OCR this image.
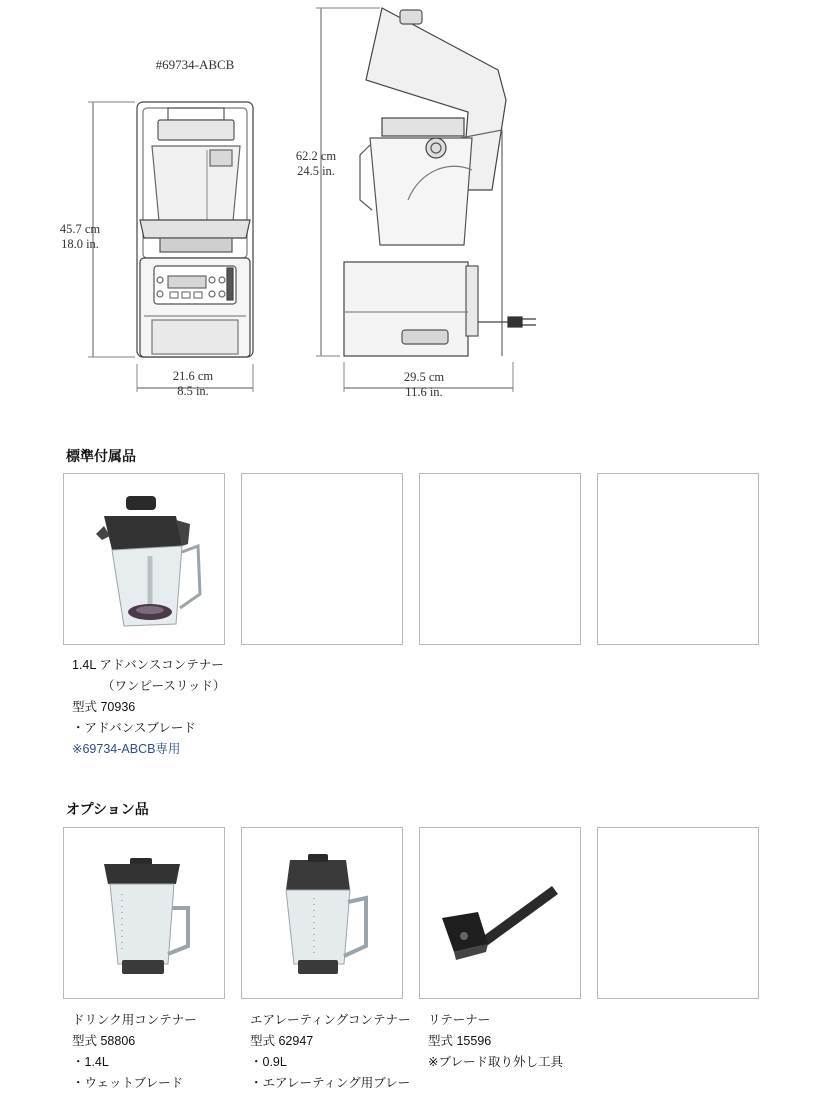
#69734-ABCB
45.7 cm
18.0 in.
21.6 cm
8.5 in.
62.2 cm
24.5 in.
29.5 cm
11.6 in.
標準付属品
1.4L アドバンスコンテナー
（ワンピースリッド）
型式 70936
・アドバンスブレード
※69734-ABCB専用
オプション品
ドリンク用コンテナー
型式 58806
・1.4L
・ウェットブレード
エアレーティングコンテナー
型式 62947
・0.9L
・エアレーティング用ブレー
リテーナー
型式 15596
※ブレード取り外し工具
